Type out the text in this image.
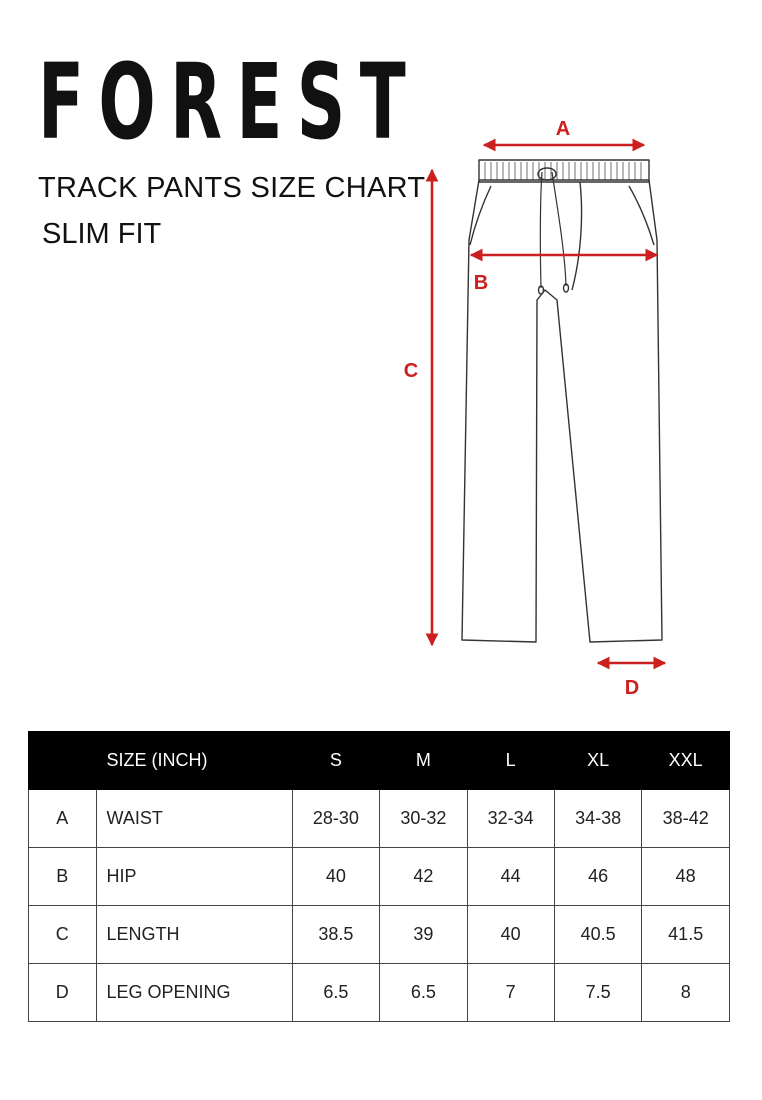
FOREST
TRACK PANTS SIZE CHART
SLIM FIT
A
B
C
D
	SIZE (INCH)	S	M	L	XL	XXL
A	WAIST	28-30	30-32	32-34	34-38	38-42
B	HIP	40	42	44	46	48
C	LENGTH	38.5	39	40	40.5	41.5
D	LEG OPENING	6.5	6.5	7	7.5	8
